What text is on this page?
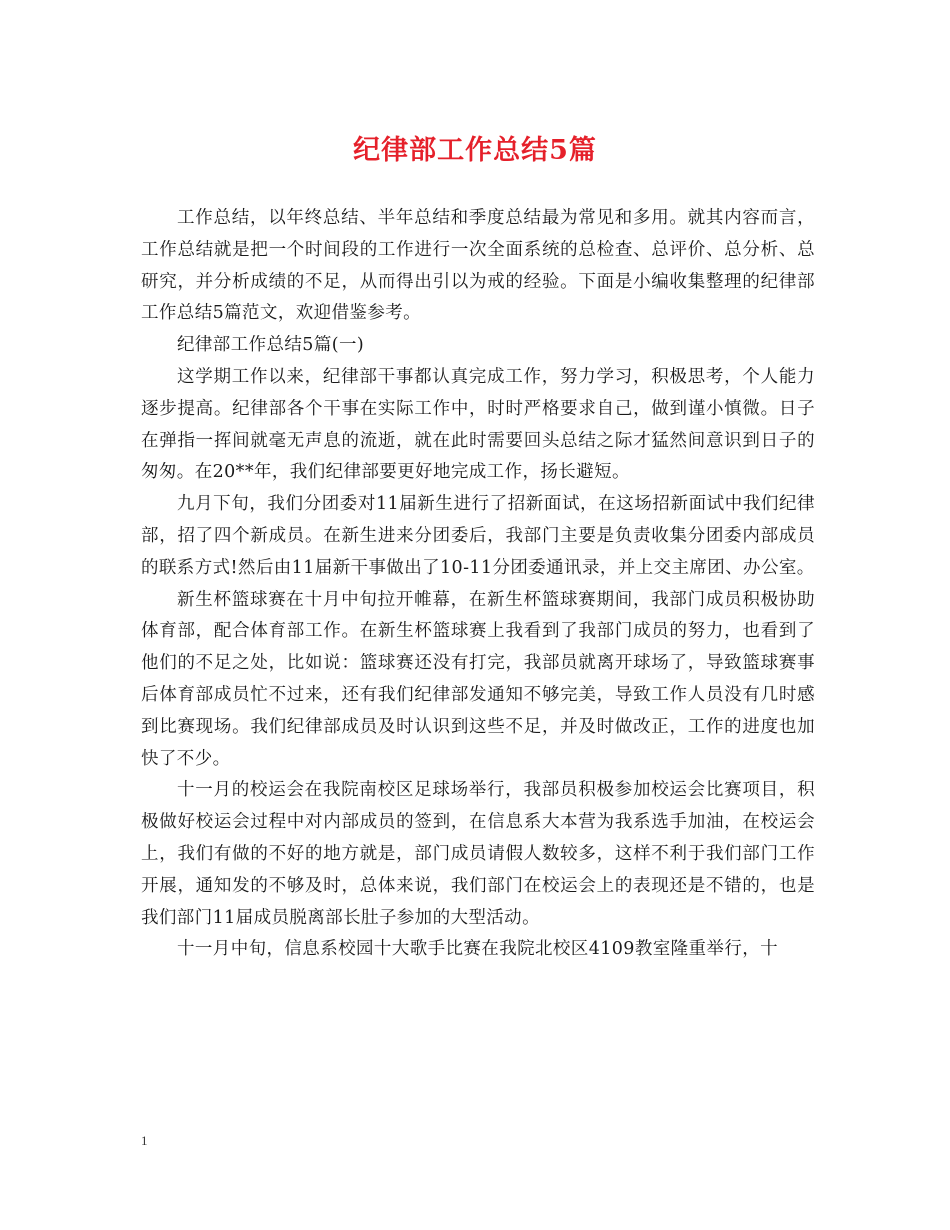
纪律部工作总结5篇

工作总结，以年终总结、半年总结和季度总结最为常见和多用。就其内容而言，工作总结就是把一个时间段的工作进行一次全面系统的总检查、总评价、总分析、总研究，并分析成绩的不足，从而得出引以为戒的经验。下面是小编收集整理的纪律部工作总结5篇范文，欢迎借鉴参考。

纪律部工作总结5篇(一)

这学期工作以来，纪律部干事都认真完成工作，努力学习，积极思考，个人能力逐步提高。纪律部各个干事在实际工作中，时时严格要求自己，做到谨小慎微。日子在弹指一挥间就毫无声息的流逝，就在此时需要回头总结之际才猛然间意识到日子的匆匆。在20**年，我们纪律部要更好地完成工作，扬长避短。

九月下旬，我们分团委对11届新生进行了招新面试，在这场招新面试中我们纪律部，招了四个新成员。在新生进来分团委后，我部门主要是负责收集分团委内部成员的联系方式!然后由11届新干事做出了10-11分团委通讯录，并上交主席团、办公室。

新生杯篮球赛在十月中旬拉开帷幕，在新生杯篮球赛期间，我部门成员积极协助体育部，配合体育部工作。在新生杯篮球赛上我看到了我部门成员的努力，也看到了他们的不足之处，比如说：篮球赛还没有打完，我部员就离开球场了，导致篮球赛事后体育部成员忙不过来，还有我们纪律部发通知不够完美，导致工作人员没有几时感到比赛现场。我们纪律部成员及时认识到这些不足，并及时做改正，工作的进度也加快了不少。

十一月的校运会在我院南校区足球场举行，我部员积极参加校运会比赛项目，积极做好校运会过程中对内部成员的签到，在信息系大本营为我系选手加油，在校运会上，我们有做的不好的地方就是，部门成员请假人数较多，这样不利于我们部门工作开展，通知发的不够及时，总体来说，我们部门在校运会上的表现还是不错的，也是我们部门11届成员脱离部长肚子参加的大型活动。

十一月中旬，信息系校园十大歌手比赛在我院北校区4109教室隆重举行，十

1
